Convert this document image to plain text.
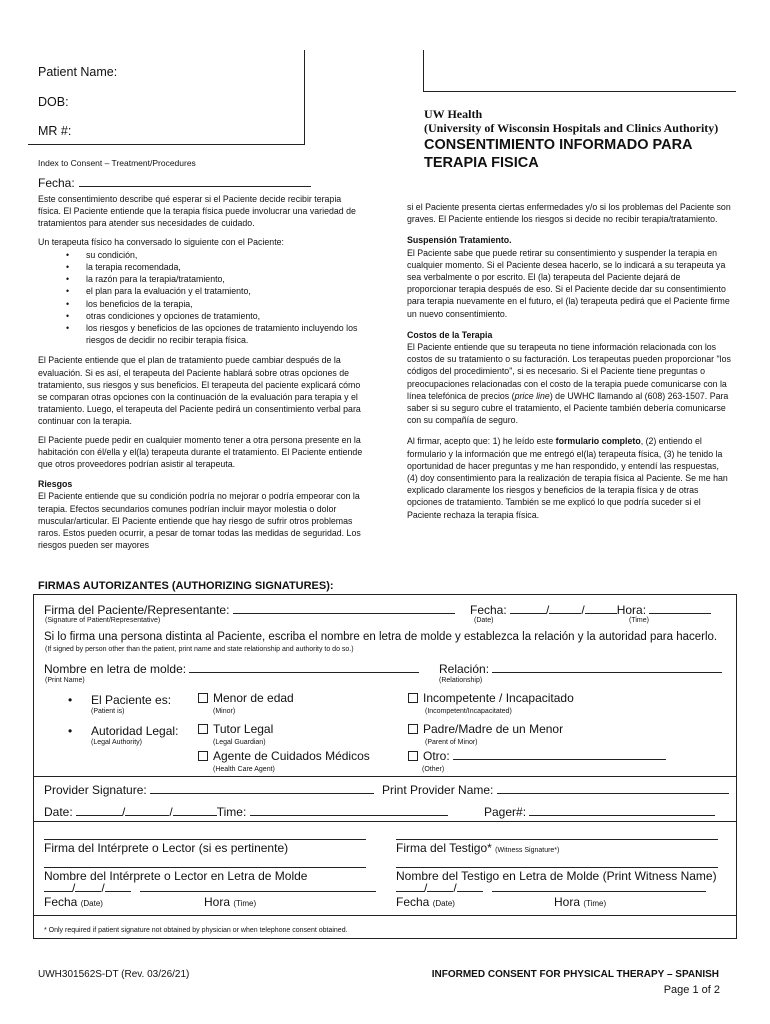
Patient Name:
DOB:
MR #:
UW Health
(University of Wisconsin Hospitals and Clinics Authority)
CONSENTIMIENTO INFORMADO PARA
TERAPIA FISICA
Index to Consent – Treatment/Procedures
Fecha:

Este consentimiento describe qué esperar si el Paciente decide recibir terapia física. El Paciente entiende que la terapia física puede involucrar una variedad de tratamientos para atender sus necesidades de cuidado.

Un terapeuta físico ha conversado lo siguiente con el Paciente:

• su condición,
• la terapia recomendada,
• la razón para la terapia/tratamiento,
• el plan para la evaluación y el tratamiento,
• los beneficios de la terapia,
• otras condiciones y opciones de tratamiento,
• los riesgos y beneficios de las opciones de tratamiento incluyendo los riesgos de decidir no recibir terapia física.

El Paciente entiende que el plan de tratamiento puede cambiar después de la evaluación. Si es así, el terapeuta del Paciente hablará sobre otras opciones de tratamiento, sus riesgos y sus beneficios. El terapeuta del paciente explicará cómo se comparan otras opciones con la continuación de la evaluación para terapia y el tratamiento. Luego, el terapeuta del Paciente pedirá un consentimiento verbal para continuar con la terapia.

El Paciente puede pedir en cualquier momento tener a otra persona presente en la habitación con él/ella y el(la) terapeuta durante el tratamiento. El Paciente entiende que otros proveedores podrían asistir al terapeuta.

Riesgos

El Paciente entiende que su condición podría no mejorar o podría empeorar con la terapia. Efectos secundarios comunes podrían incluir mayor molestia o dolor muscular/articular. El Paciente entiende que hay riesgo de sufrir otros problemas raros. Estos pueden ocurrir, a pesar de tomar todas las medidas de seguridad. Los riesgos pueden ser mayores

si el Paciente presenta ciertas enfermedades y/o si los problemas del Paciente son graves. El Paciente entiende los riesgos si decide no recibir terapia/tratamiento.

Suspensión Tratamiento.

El Paciente sabe que puede retirar su consentimiento y suspender la terapia en cualquier momento. Si el Paciente desea hacerlo, se lo indicará a su terapeuta ya sea verbalmente o por escrito. El (la) terapeuta del Paciente dejará de proporcionar terapia después de eso. Si el Paciente decide dar su consentimiento para terapia nuevamente en el futuro, el (la) terapeuta pedirá que el Paciente firme un nuevo consentimiento.

Costos de la Terapia

El Paciente entiende que su terapeuta no tiene información relacionada con los costos de su tratamiento o su facturación. Los terapeutas pueden proporcionar "los códigos del procedimiento", si es necesario. Si el Paciente tiene preguntas o preocupaciones relacionadas con el costo de la terapia puede comunicarse con la línea telefónica de precios (price line) de UWHC llamando al (608) 263-1507. Para saber si su seguro cubre el tratamiento, el Paciente también debería comunicarse con su compañía de seguro.

Al firmar, acepto que: 1) he leído este formulario completo, (2) entiendo el formulario y la información que me entregó el(la) terapeuta física, (3) he tenido la oportunidad de hacer preguntas y me han respondido, y entendí las respuestas, (4) doy consentimiento para la realización de terapia física al Paciente. Se me han explicado claramente los riesgos y beneficios de la terapia física y de otras opciones de tratamiento. También se me explicó lo que podría suceder si el Paciente rechaza la terapia física.

FIRMAS AUTORIZANTES (AUTHORIZING SIGNATURES):
Firma del Paciente/Representante:
(Signature of Patient/Representative)
Fecha:	/	/	Hora:
(Date)	(Time)
Si lo firma una persona distinta al Paciente, escriba el nombre en letra de molde y establezca la relación y la autoridad para hacerlo.
(If signed by person other than the patient, print name and state relationship and authority to do so.)
Nombre en letra de molde:
(Print Name)
Relación:
(Relationship)
• El Paciente es:
(Patient is)
Menor de edad
(Minor)
Incompetente / Incapacitado
(Incompetent/Incapacitated)
• Autoridad Legal:
(Legal Authority)
Tutor Legal
(Legal Guardian)
Padre/Madre de un Menor
(Parent of Minor)
Agente de Cuidados Médicos
(Health Care Agent)
Otro:
(Other)
Provider Signature:	Print Provider Name:
Date:	/	/	Time:	Pager#:
Firma del Intérprete o Lector (si es pertinente)	Firma del Testigo* (Witness Signature*)
Nombre del Intérprete o Lector en Letra de Molde	Nombre del Testigo en Letra de Molde (Print Witness Name)
/ /	/ /
Fecha (Date)	Hora (Time)	Fecha (Date)	Hora (Time)
* Only required if patient signature not obtained by physician or when telephone consent obtained.
UWH301562S-DT (Rev. 03/26/21)	INFORMED CONSENT FOR PHYSICAL THERAPY – SPANISH
Page 1 of 2
